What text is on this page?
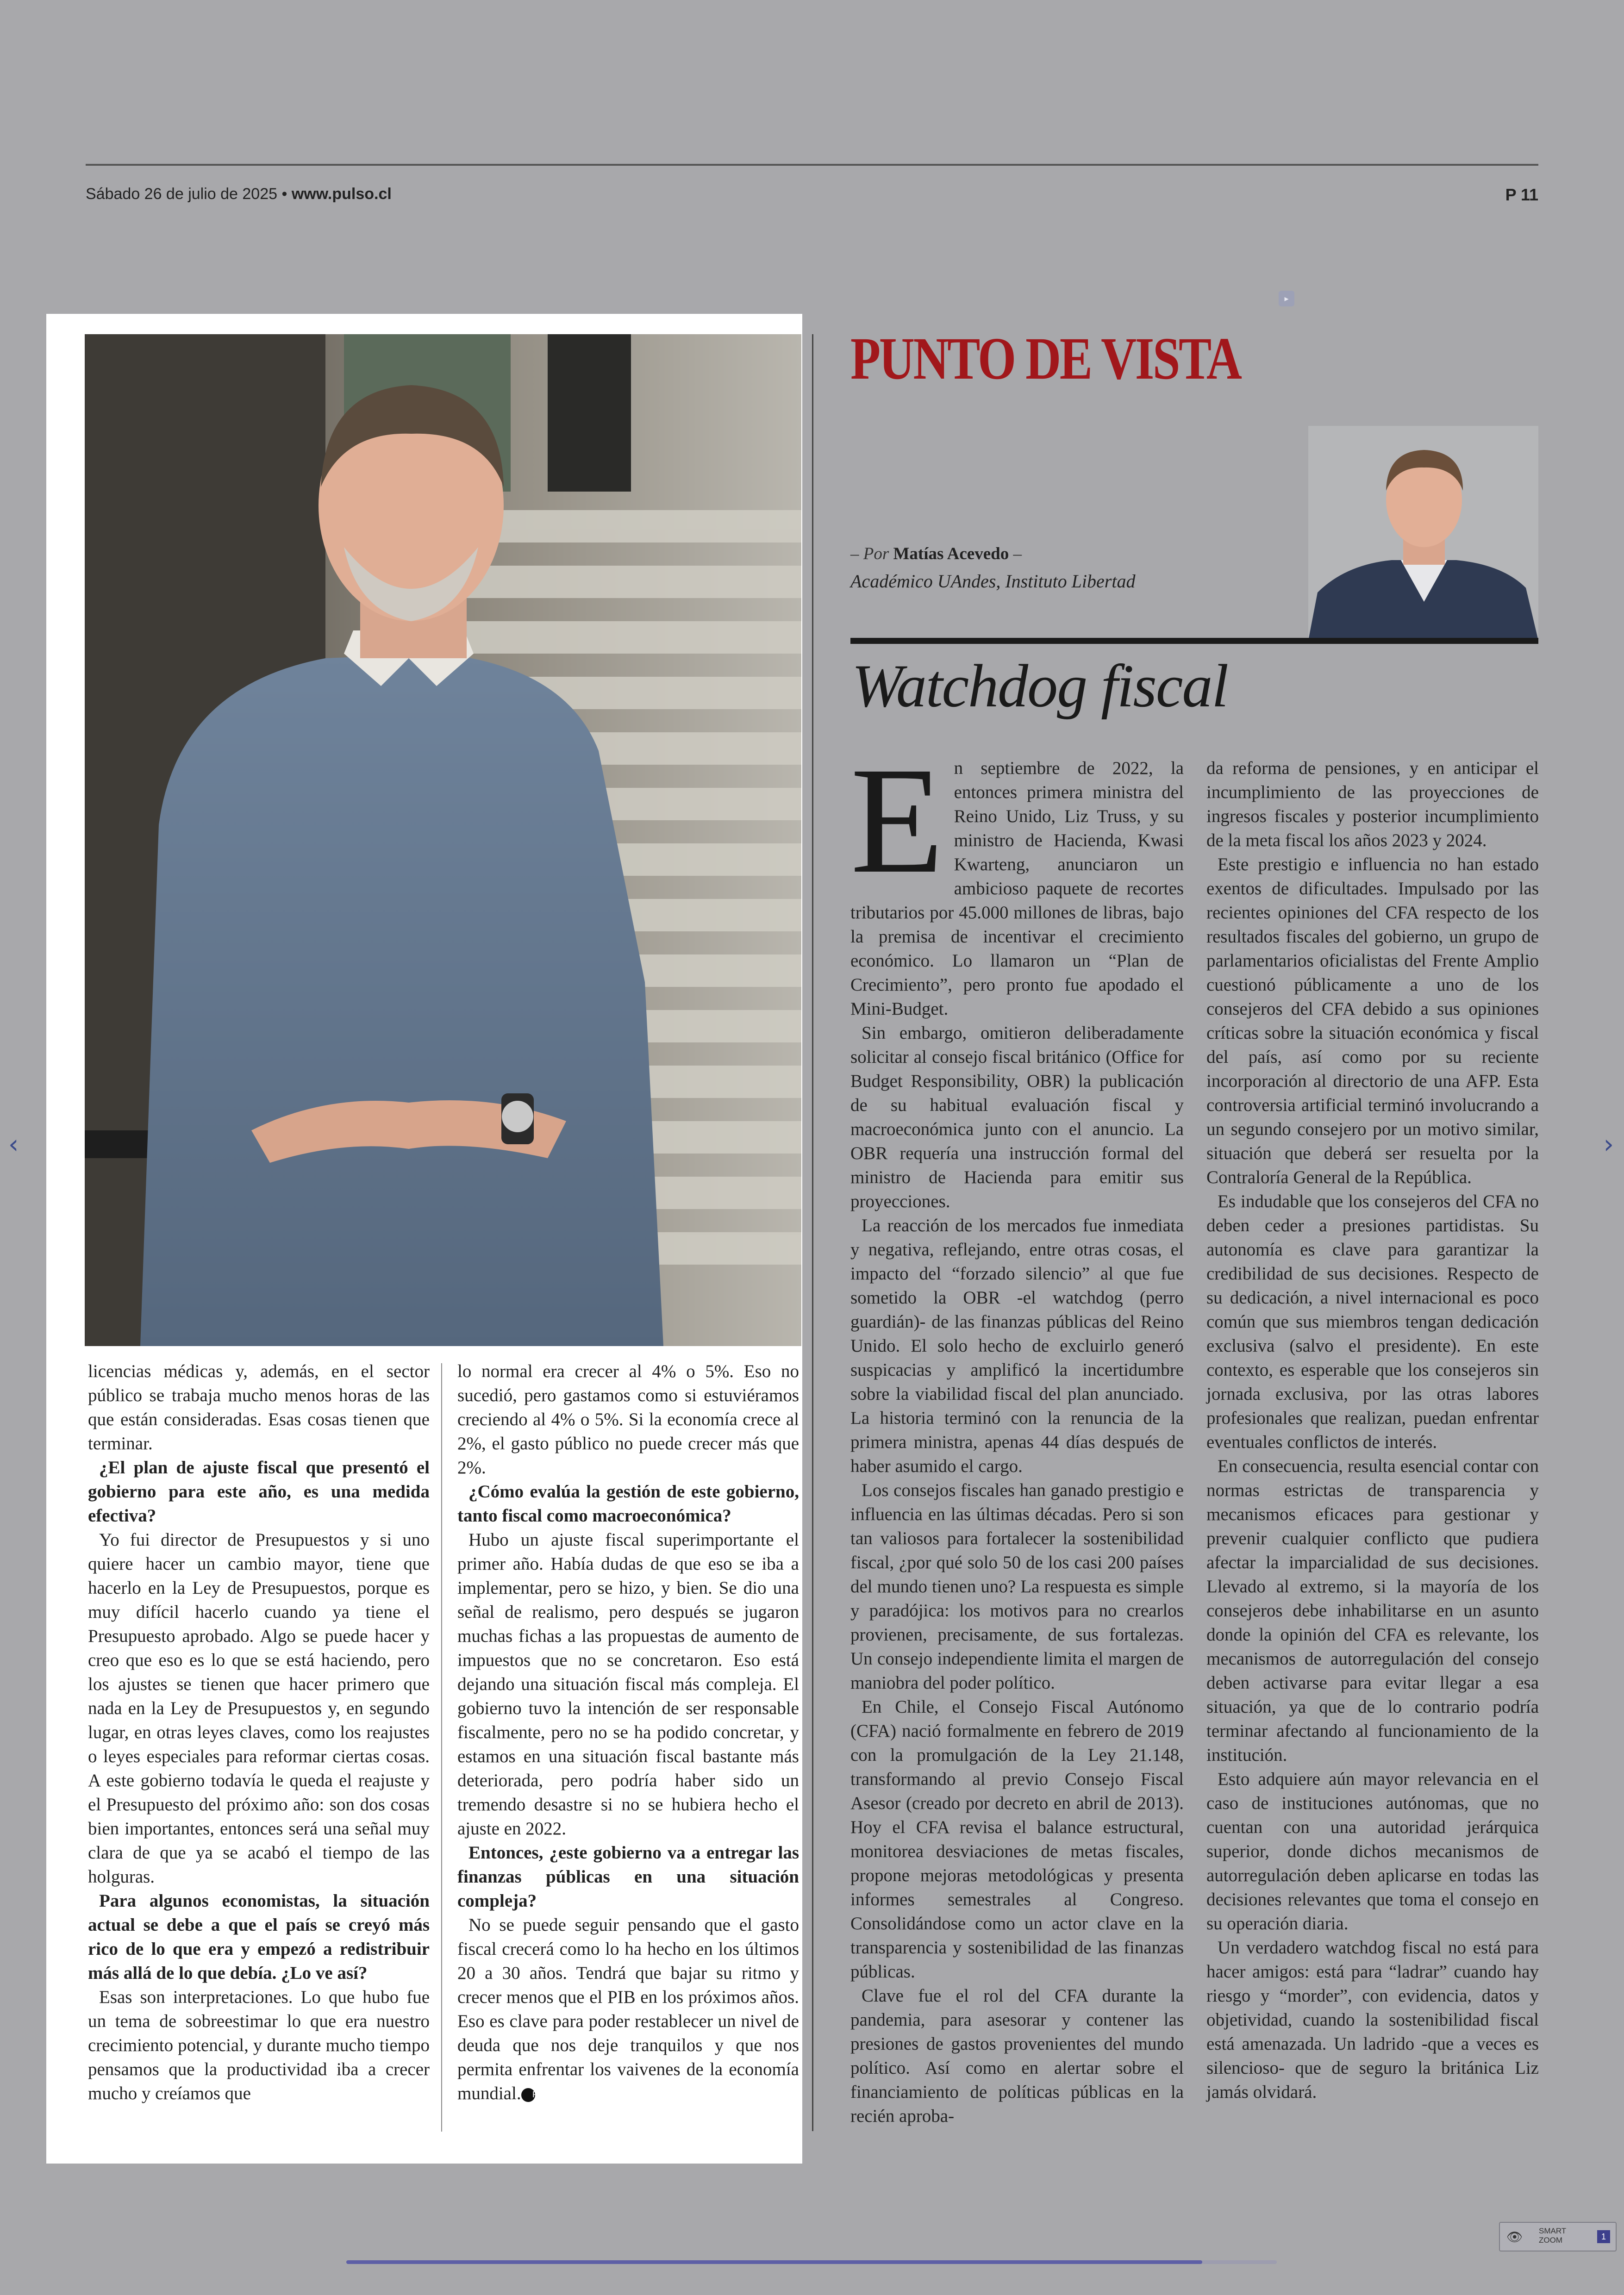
Sábado 26 de julio de 2025 • www.pulso.cl	P 11
‹	›
▸

licencias médicas y, además, en el sector público se trabaja mucho menos horas de las que están consideradas. Esas cosas tienen que terminar.

¿El plan de ajuste fiscal que presentó el gobierno para este año, es una medida efectiva?

Yo fui director de Presupuestos y si uno quiere hacer un cambio mayor, tiene que hacerlo en la Ley de Presupuestos, porque es muy difícil hacerlo cuando ya tiene el Presupuesto aprobado. Algo se puede hacer y creo que eso es lo que se está haciendo, pero los ajustes se tienen que hacer primero que nada en la Ley de Presupuestos y, en segundo lugar, en otras leyes claves, como los reajustes o leyes especiales para reformar ciertas cosas. A este gobierno todavía le queda el reajuste y el Presupuesto del próximo año: son dos cosas bien importantes, entonces será una señal muy clara de que ya se acabó el tiempo de las holguras.

Para algunos economistas, la situación actual se debe a que el país se creyó más rico de lo que era y empezó a redistribuir más allá de lo que debía. ¿Lo ve así?

Esas son interpretaciones. Lo que hubo fue un tema de sobreestimar lo que era nuestro crecimiento potencial, y durante mucho tiempo pensamos que la productividad iba a crecer mucho y creíamos que

lo normal era crecer al 4% o 5%. Eso no sucedió, pero gastamos como si estuviéramos creciendo al 4% o 5%. Si la economía crece al 2%, el gasto público no puede crecer más que 2%.

¿Cómo evalúa la gestión de este gobierno, tanto fiscal como macroeconómica?

Hubo un ajuste fiscal superimportante el primer año. Había dudas de que eso se iba a implementar, pero se hizo, y bien. Se dio una señal de realismo, pero después se jugaron muchas fichas a las propuestas de aumento de impuestos que no se concretaron. Eso está dejando una situación fiscal más compleja. El gobierno tuvo la intención de ser responsable fiscalmente, pero no se ha podido concretar, y estamos en una situación fiscal bastante más deteriorada, pero podría haber sido un tremendo desastre si no se hubiera hecho el ajuste en 2022.

Entonces, ¿este gobierno va a entregar las finanzas públicas en una situación compleja?

No se puede seguir pensando que el gasto fiscal crecerá como lo ha hecho en los últimos 20 a 30 años. Tendrá que bajar su ritmo y crecer menos que el PIB en los próximos años. Eso es clave para poder restablecer un nivel de deuda que nos deje tranquilos y que nos permita enfrentar los vaivenes de la economía mundial. P

PUNTO DE VISTA
– Por Matías Acevedo –
Académico UAndes, Instituto Libertad
Watchdog fiscal

En septiembre de 2022, la entonces primera ministra del Reino Unido, Liz Truss, y su ministro de Hacienda, Kwasi Kwarteng, anunciaron un ambicioso paquete de recortes tributarios por 45.000 millones de libras, bajo la premisa de incentivar el crecimiento económico. Lo llamaron un “Plan de Crecimiento”, pero pronto fue apodado el Mini-Budget.

Sin embargo, omitieron deliberadamente solicitar al consejo fiscal británico (Office for Budget Responsibility, OBR) la publicación de su habitual evaluación fiscal y macroeconómica junto con el anuncio. La OBR requería una instrucción formal del ministro de Hacienda para emitir sus proyecciones.

La reacción de los mercados fue inmediata y negativa, reflejando, entre otras cosas, el impacto del “forzado silencio” al que fue sometido la OBR -el watchdog (perro guardián)- de las finanzas públicas del Reino Unido. El solo hecho de excluirlo generó suspicacias y amplificó la incertidumbre sobre la viabilidad fiscal del plan anunciado. La historia terminó con la renuncia de la primera ministra, apenas 44 días después de haber asumido el cargo.

Los consejos fiscales han ganado prestigio e influencia en las últimas décadas. Pero si son tan valiosos para fortalecer la sostenibilidad fiscal, ¿por qué solo 50 de los casi 200 países del mundo tienen uno? La respuesta es simple y paradójica: los motivos para no crearlos provienen, precisamente, de sus fortalezas. Un consejo independiente limita el margen de maniobra del poder político.

En Chile, el Consejo Fiscal Autónomo (CFA) nació formalmente en febrero de 2019 con la promulgación de la Ley 21.148, transformando al previo Consejo Fiscal Asesor (creado por decreto en abril de 2013). Hoy el CFA revisa el balance estructural, monitorea desviaciones de metas fiscales, propone mejoras metodológicas y presenta informes semestrales al Congreso. Consolidándose como un actor clave en la transparencia y sostenibilidad de las finanzas públicas.

Clave fue el rol del CFA durante la pandemia, para asesorar y contener las presiones de gastos provenientes del mundo político. Así como en alertar sobre el financiamiento de políticas públicas en la recién aproba-

da reforma de pensiones, y en anticipar el incumplimiento de las proyecciones de ingresos fiscales y posterior incumplimiento de la meta fiscal los años 2023 y 2024.

Este prestigio e influencia no han estado exentos de dificultades. Impulsado por las recientes opiniones del CFA respecto de los resultados fiscales del gobierno, un grupo de parlamentarios oficialistas del Frente Amplio cuestionó públicamente a uno de los consejeros del CFA debido a sus opiniones críticas sobre la situación económica y fiscal del país, así como por su reciente incorporación al directorio de una AFP. Esta controversia artificial terminó involucrando a un segundo consejero por un motivo similar, situación que deberá ser resuelta por la Contraloría General de la República.

Es indudable que los consejeros del CFA no deben ceder a presiones partidistas. Su autonomía es clave para garantizar la credibilidad de sus decisiones. Respecto de su dedicación, a nivel internacional es poco común que sus miembros tengan dedicación exclusiva (salvo el presidente). En este contexto, es esperable que los consejeros sin jornada exclusiva, por las otras labores profesionales que realizan, puedan enfrentar eventuales conflictos de interés.

En consecuencia, resulta esencial contar con normas estrictas de transparencia y mecanismos eficaces para gestionar y prevenir cualquier conflicto que pudiera afectar la imparcialidad de sus decisiones. Llevado al extremo, si la mayoría de los consejeros debe inhabilitarse en un asunto donde la opinión del CFA es relevante, los mecanismos de autorregulación del consejo deben activarse para evitar llegar a esa situación, ya que de lo contrario podría terminar afectando al funcionamiento de la institución.

Esto adquiere aún mayor relevancia en el caso de instituciones autónomas, que no cuentan con una autoridad jerárquica superior, donde dichos mecanismos de autorregulación deben aplicarse en todas las decisiones relevantes que toma el consejo en su operación diaria.

Un verdadero watchdog fiscal no está para hacer amigos: está para “ladrar” cuando hay riesgo y “morder”, con evidencia, datos y objetividad, cuando la sostenibilidad fiscal está amenazada. Un ladrido -que a veces es silencioso- que de seguro la británica Liz jamás olvidará.

👁 SMART
ZOOM	1
